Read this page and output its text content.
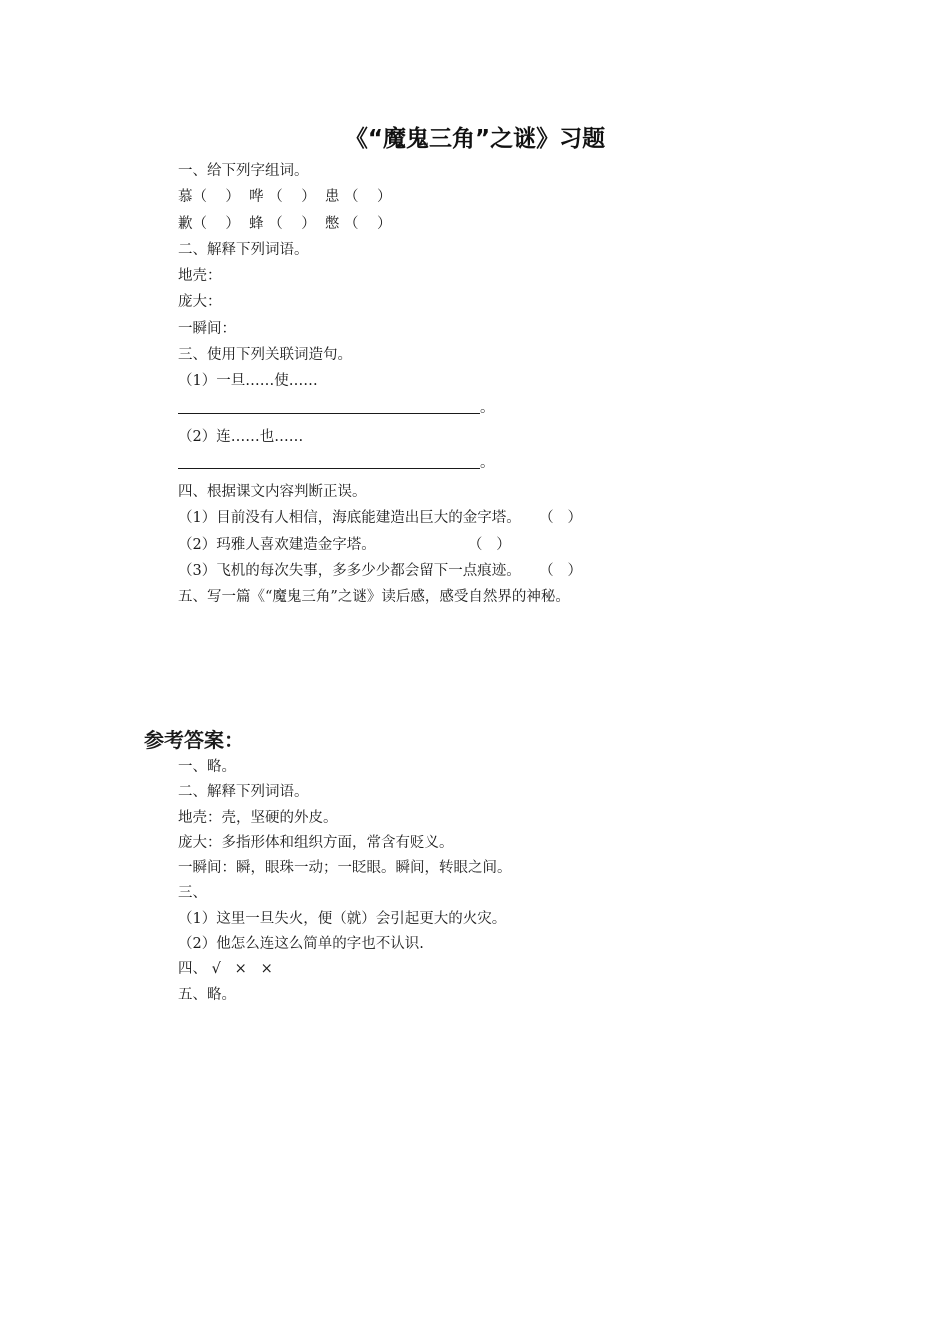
《“魔鬼三角”之谜》习题
一、给下列字组词。
慕（    ）  哗 （    ）  患 （    ）
歉（    ）  蜂 （    ）  憋 （    ）
二、解释下列词语。
地壳：
庞大：
一瞬间：
三、使用下列关联词造句。
（1）一旦……使……
。
（2）连……也……
。
四、根据课文内容判断正误。
（1）目前没有人相信，海底能建造出巨大的金字塔。    （   ）
（2）玛雅人喜欢建造金字塔。                    （   ）
（3）飞机的每次失事，多多少少都会留下一点痕迹。    （   ）
五、写一篇《“魔鬼三角”之谜》读后感，感受自然界的神秘。
参考答案：
一、略。
二、解释下列词语。
地壳：壳，坚硬的外皮。
庞大：多指形体和组织方面，常含有贬义。
一瞬间：瞬，眼珠一动；一眨眼。瞬间，转眼之间。
三、
（1）这里一旦失火，便（就）会引起更大的火灾。
（2）他怎么连这么简单的字也不认识.
四、 √   ×   ×
五、略。
